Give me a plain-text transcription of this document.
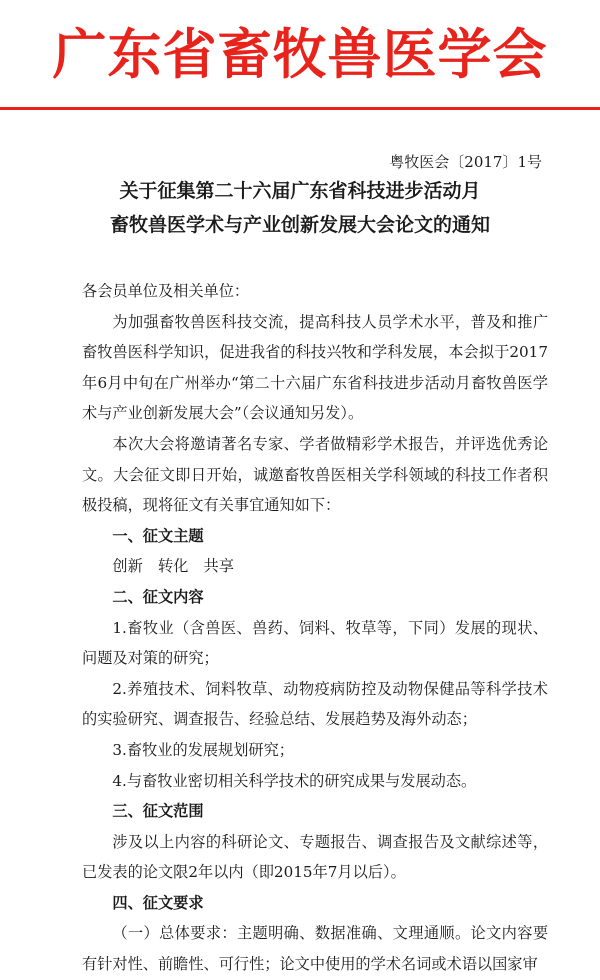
广东省畜牧兽医学会
粤牧医会〔2017〕1号
关于征集第二十六届广东省科技进步活动月
畜牧兽医学术与产业创新发展大会论文的通知

各会员单位及相关单位：

为加强畜牧兽医科技交流，提高科技人员学术水平，普及和推广畜牧兽医科学知识，促进我省的科技兴牧和学科发展，本会拟于2017年6月中旬在广州举办“第二十六届广东省科技进步活动月畜牧兽医学术与产业创新发展大会”（会议通知另发）。

本次大会将邀请著名专家、学者做精彩学术报告，并评选优秀论文。大会征文即日开始，诚邀畜牧兽医相关学科领域的科技工作者积极投稿，现将征文有关事宜通知如下：

一、征文主题

创新　转化　共享

二、征文内容

1.畜牧业（含兽医、兽药、饲料、牧草等，下同）发展的现状、问题及对策的研究；

2.养殖技术、饲料牧草、动物疫病防控及动物保健品等科学技术的实验研究、调查报告、经验总结、发展趋势及海外动态；

3.畜牧业的发展规划研究；

4.与畜牧业密切相关科学技术的研究成果与发展动态。

三、征文范围

涉及以上内容的科研论文、专题报告、调查报告及文献综述等，已发表的论文限2年以内（即2015年7月以后）。

四、征文要求

（一）总体要求：主题明确、数据准确、文理通顺。论文内容要有针对性、前瞻性、可行性；论文中使用的学术名词或术语以国家审
